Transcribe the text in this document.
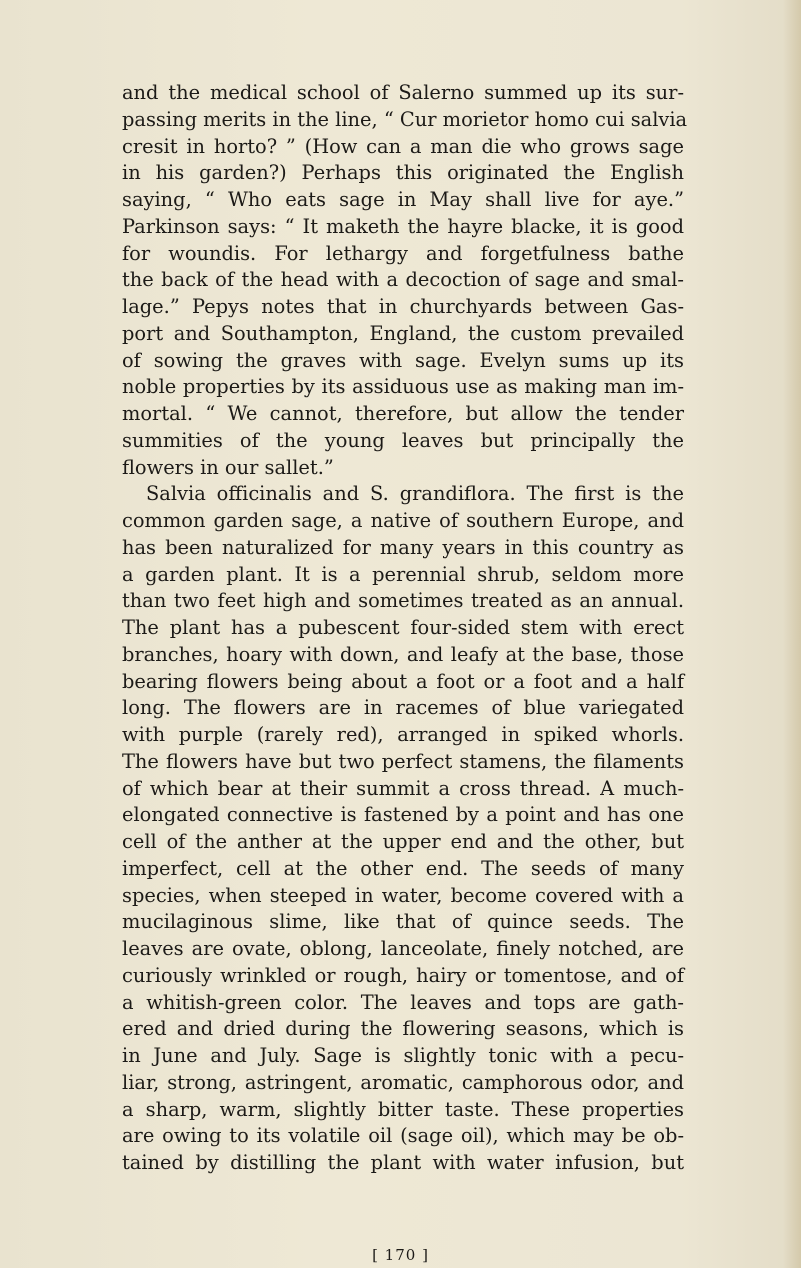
and the medical school of Salerno summed up its sur-
passing merits in the line, “ Cur morietor homo cui salvia
cresit in horto? ” (How can a man die who grows sage
in his garden?) Perhaps this originated the English
saying, “ Who eats sage in May shall live for aye.”
Parkinson says: “ It maketh the hayre blacke, it is good
for woundis. For lethargy and forgetfulness bathe
the back of the head with a decoction of sage and smal-
lage.” Pepys notes that in churchyards between Gas-
port and Southampton, England, the custom prevailed
of sowing the graves with sage. Evelyn sums up its
noble properties by its assiduous use as making man im-
mortal. “ We cannot, therefore, but allow the tender
summities of the young leaves but principally the
flowers in our sallet.”
Salvia officinalis and S. grandiflora. The first is the
common garden sage, a native of southern Europe, and
has been naturalized for many years in this country as
a garden plant. It is a perennial shrub, seldom more
than two feet high and sometimes treated as an annual.
The plant has a pubescent four-sided stem with erect
branches, hoary with down, and leafy at the base, those
bearing flowers being about a foot or a foot and a half
long. The flowers are in racemes of blue variegated
with purple (rarely red), arranged in spiked whorls.
The flowers have but two perfect stamens, the filaments
of which bear at their summit a cross thread. A much-
elongated connective is fastened by a point and has one
cell of the anther at the upper end and the other, but
imperfect, cell at the other end. The seeds of many
species, when steeped in water, become covered with a
mucilaginous slime, like that of quince seeds. The
leaves are ovate, oblong, lanceolate, finely notched, are
curiously wrinkled or rough, hairy or tomentose, and of
a whitish-green color. The leaves and tops are gath-
ered and dried during the flowering seasons, which is
in June and July. Sage is slightly tonic with a pecu-
liar, strong, astringent, aromatic, camphorous odor, and
a sharp, warm, slightly bitter taste. These properties
are owing to its volatile oil (sage oil), which may be ob-
tained by distilling the plant with water infusion, but
[ 170 ]
